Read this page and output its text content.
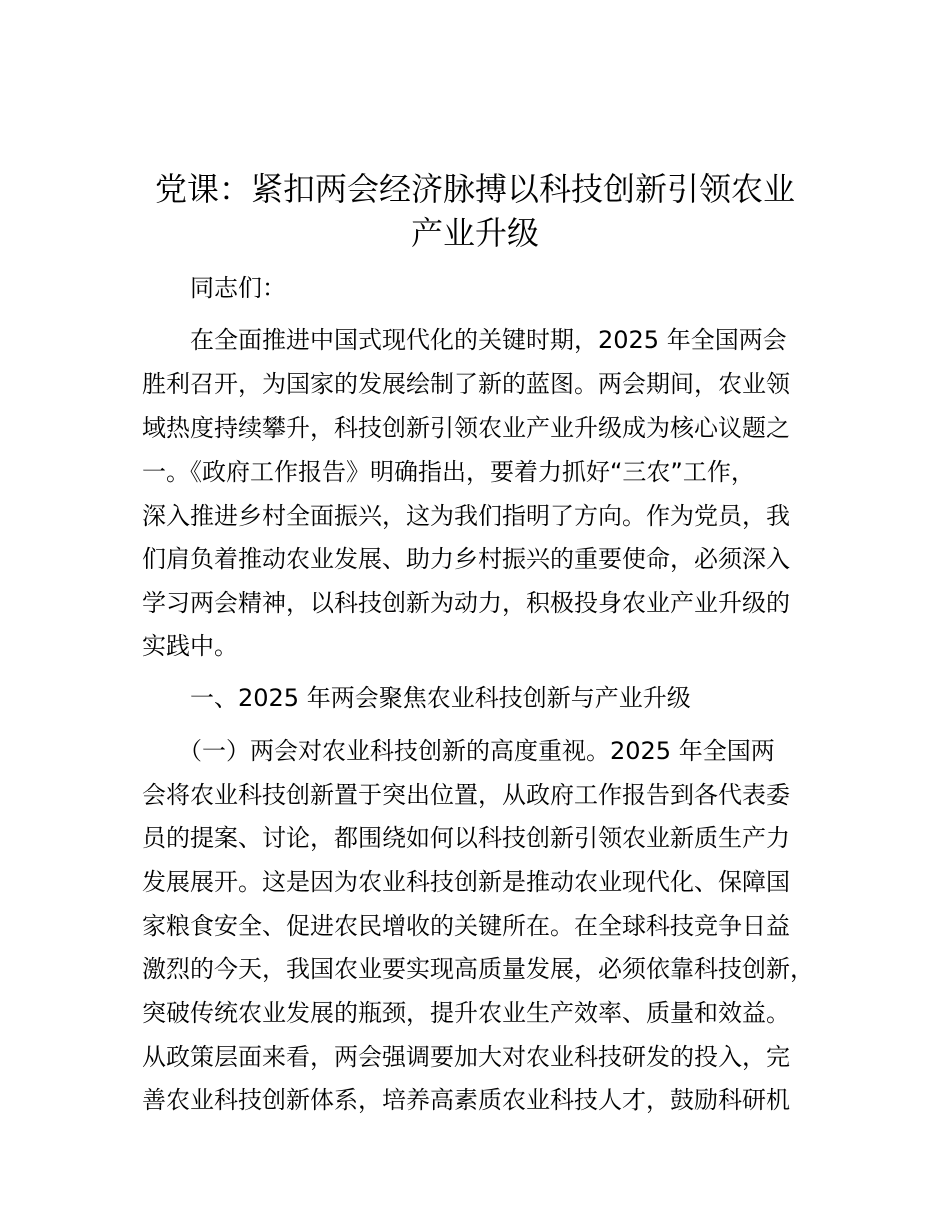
党课：紧扣两会经济脉搏以科技创新引领农业
产业升级
同志们：
在全面推进中国式现代化的关键时期，2025 年全国两会
胜利召开，为国家的发展绘制了新的蓝图。两会期间，农业领
域热度持续攀升，科技创新引领农业产业升级成为核心议题之
一。《政府工作报告》明确指出，要着力抓好“三农”工作，
深入推进乡村全面振兴，这为我们指明了方向。作为党员，我
们肩负着推动农业发展、助力乡村振兴的重要使命，必须深入
学习两会精神，以科技创新为动力，积极投身农业产业升级的
实践中。
一、2025 年两会聚焦农业科技创新与产业升级
（一）两会对农业科技创新的高度重视。2025 年全国两
会将农业科技创新置于突出位置，从政府工作报告到各代表委
员的提案、讨论，都围绕如何以科技创新引领农业新质生产力
发展展开。这是因为农业科技创新是推动农业现代化、保障国
家粮食安全、促进农民增收的关键所在。在全球科技竞争日益
激烈的今天，我国农业要实现高质量发展，必须依靠科技创新，
突破传统农业发展的瓶颈，提升农业生产效率、质量和效益。
从政策层面来看，两会强调要加大对农业科技研发的投入，完
善农业科技创新体系，培养高素质农业科技人才，鼓励科研机
